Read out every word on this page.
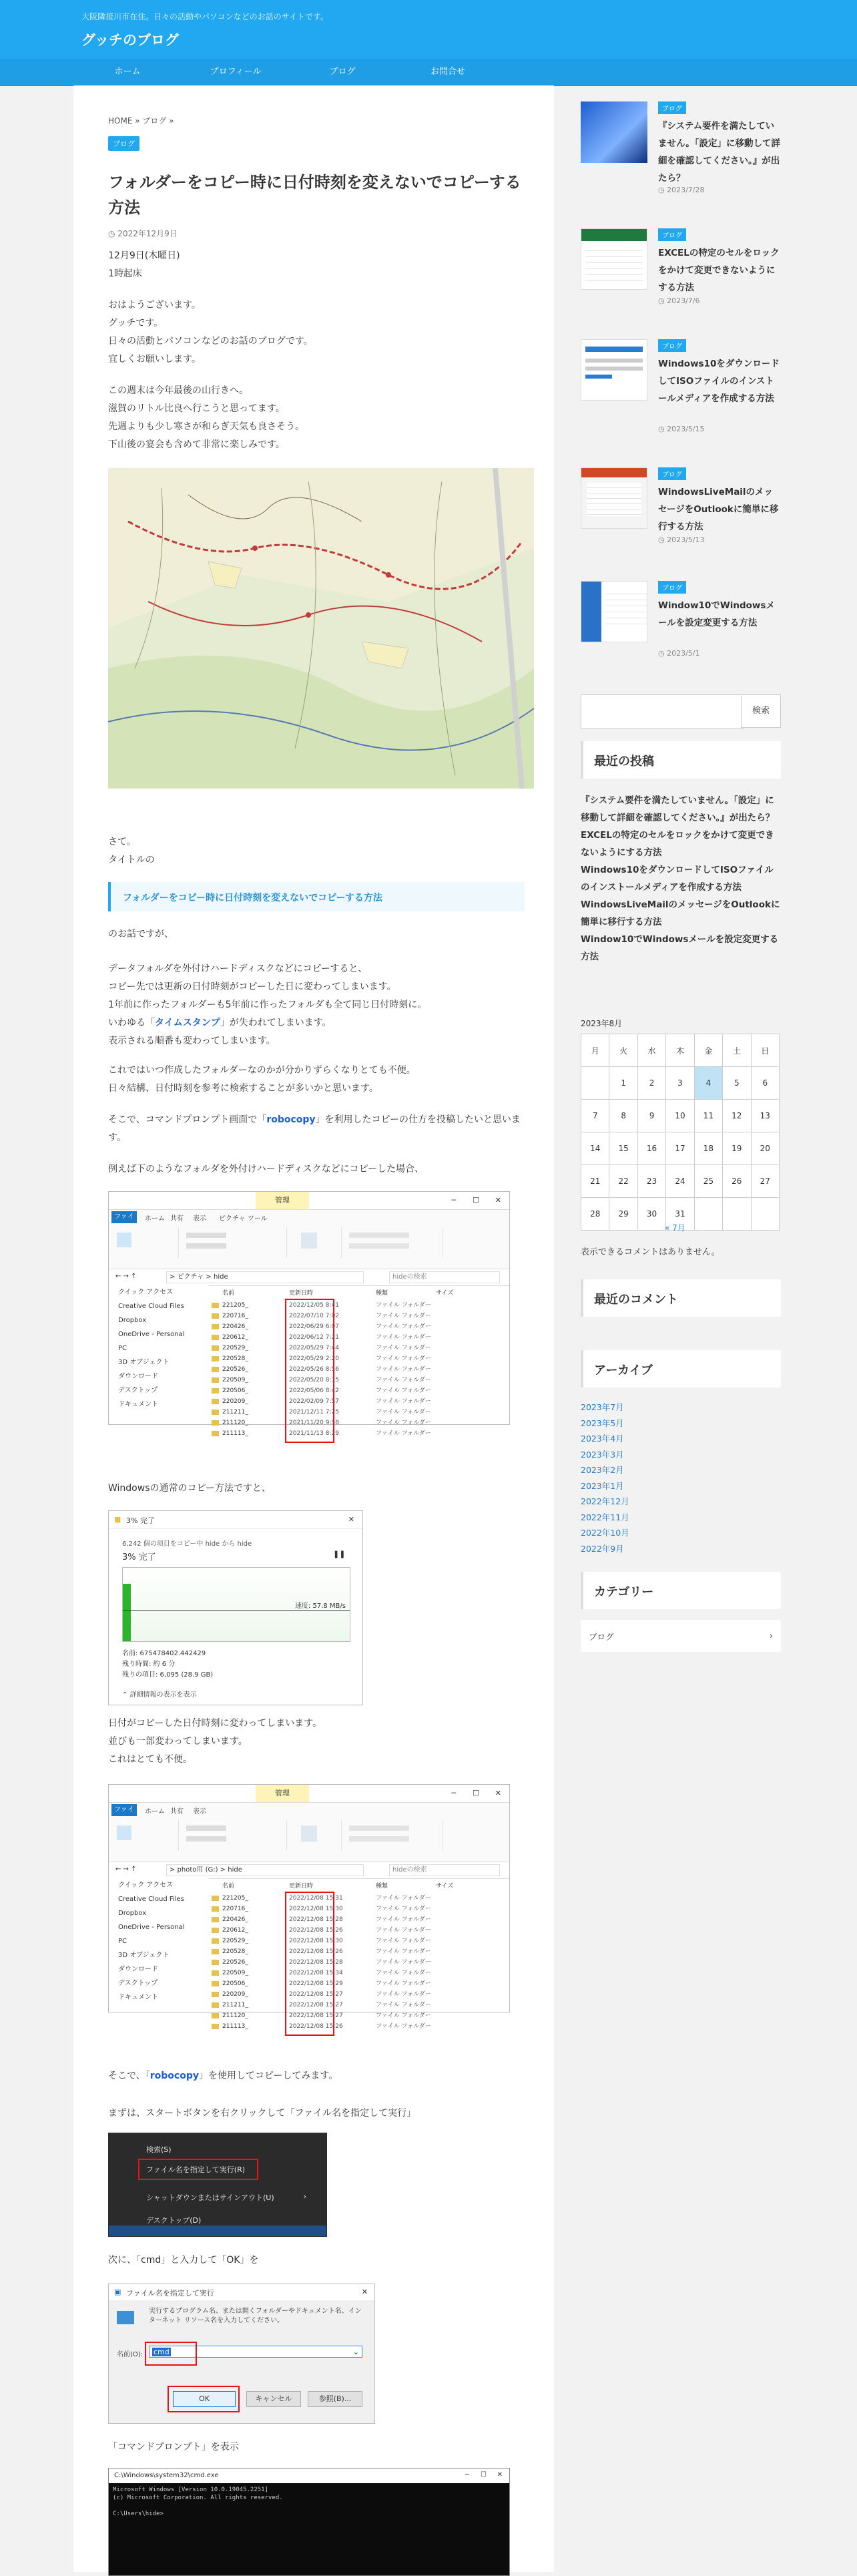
大阪隣接川市在住。日々の活動やパソコンなどのお話のサイトです。
グッチのブログ
ホーム	プロフィール	ブログ	お問合せ
HOME » ブログ »
ブログ
フォルダーをコピー時に日付時刻を変えないでコピーする方法
◷ 2022年12月9日
12月9日(木曜日)
1時起床
おはようございます。
グッチです。
日々の活動とパソコンなどのお話のブログです。
宜しくお願いします。
この週末は今年最後の山行きへ。
滋賀のリトル比良へ行こうと思ってます。
先週よりも少し寒さが和らぎ天気も良さそう。
下山後の宴会も含めて非常に楽しみです。
さて。
タイトルの
フォルダーをコピー時に日付時刻を変えないでコピーする方法
のお話ですが、
データフォルダを外付けハードディスクなどにコピーすると、
コピー先では更新の日付時刻がコピーした日に変わってしまいます。
1年前に作ったフォルダーも5年前に作ったフォルダも全て同じ日付時刻に。
いわゆる「タイムスタンプ」が失われてしまいます。
表示される順番も変わってしまいます。
これではいつ作成したフォルダーなのかが分かりずらくなりとても不便。
日々結構、日付時刻を参考に検索することが多いかと思います。
そこで、コマンドプロンプト画面で「robocopy」を利用したコピーの仕方を投稿したいと思います。
例えば下のようなフォルダを外付けハードディスクなどにコピーした場合、
管理	─ ☐ ✕
ファイル
ホーム 共有 表示 ピクチャ ツール
← → ↑	> ピクチャ > hide	hideの検索
クイック アクセス
Creative Cloud Files
Dropbox
OneDrive - Personal
PC
3D オブジェクト
ダウンロード
デスクトップ
ドキュメント
名前	更新日時	種類	サイズ
221205_	2022/12/05 8:41	ファイル フォルダー
220716_	2022/07/10 7:02	ファイル フォルダー
220426_	2022/06/29 6:07	ファイル フォルダー
220612_	2022/06/12 7:21	ファイル フォルダー
220529_	2022/05/29 7:44	ファイル フォルダー
220528_	2022/05/29 2:20	ファイル フォルダー
220526_	2022/05/26 8:56	ファイル フォルダー
220509_	2022/05/20 8:15	ファイル フォルダー
220506_	2022/05/06 8:42	ファイル フォルダー
220209_	2022/02/09 7:57	ファイル フォルダー
211211_	2021/12/11 7:25	ファイル フォルダー
211120_	2021/11/20 9:58	ファイル フォルダー
211113_	2021/11/13 8:29	ファイル フォルダー
Windowsの通常のコピー方法ですと、
3% 完了
■	✕
6,242 個の項目をコピー中 hide から hide
3% 完了	❚❚
速度: 57.8 MB/s
名前: 675478402.442429
残り時間: 約 6 分
残りの項目: 6,095 (28.9 GB)
⌃ 詳細情報の表示を表示
日付がコピーした日付時刻に変わってしまいます。
並びも一部変わってしまいます。
これはとても不便。
管理	─ ☐ ✕
ファイル
ホーム 共有 表示
← → ↑	> photo用 (G:) > hide	hideの検索
クイック アクセス
Creative Cloud Files
Dropbox
OneDrive - Personal
PC
3D オブジェクト
ダウンロード
デスクトップ
ドキュメント
名前	更新日時	種類	サイズ
221205_	2022/12/08 15:31	ファイル フォルダー
220716_	2022/12/08 15:30	ファイル フォルダー
220426_	2022/12/08 15:28	ファイル フォルダー
220612_	2022/12/08 15:26	ファイル フォルダー
220529_	2022/12/08 15:30	ファイル フォルダー
220528_	2022/12/08 15:26	ファイル フォルダー
220526_	2022/12/08 15:28	ファイル フォルダー
220509_	2022/12/08 15:34	ファイル フォルダー
220506_	2022/12/08 15:29	ファイル フォルダー
220209_	2022/12/08 15:27	ファイル フォルダー
211211_	2022/12/08 15:27	ファイル フォルダー
211120_	2022/12/08 15:27	ファイル フォルダー
211113_	2022/12/08 15:26	ファイル フォルダー
そこで、「robocopy」を使用してコピーしてみます。
まずは、スタートボタンを右クリックして「ファイル名を指定して実行」
検索(S)
ファイル名を指定して実行(R)
シャットダウンまたはサインアウト(U)	›
デスクトップ(D)
次に、「cmd」と入力して「OK」を
▣ ファイル名を指定して実行	✕
実行するプログラム名、または開くフォルダーやドキュメント名、インターネット リソース名を入力してください。
名前(O):	cmd	⌄
OK	キャンセル	参照(B)...
「コマンドプロンプト」を表示
C:\Windows\system32\cmd.exe	─ ☐ ✕
Microsoft Windows [Version 10.0.19045.2251]
(c) Microsoft Corporation. All rights reserved.
C:\Users\hide>
ブログ
『システム要件を満たしていません。「設定」に移動して詳細を確認してください。』が出たら？
◷ 2023/7/28
ブログ
EXCELの特定のセルをロックをかけて変更できないようにする方法
◷ 2023/7/6
ブログ
Windows10をダウンロードしてISOファイルのインストールメディアを作成する方法
◷ 2023/5/15
ブログ
WindowsLiveMailのメッセージをOutlookに簡単に移行する方法
◷ 2023/5/13
ブログ
Window10でWindowsメールを設定変更する方法
◷ 2023/5/1
検索
最近の投稿
『システム要件を満たしていません。「設定」に移動して詳細を確認してください。』が出たら？
EXCELの特定のセルをロックをかけて変更できないようにする方法
Windows10をダウンロードしてISOファイルのインストールメディアを作成する方法
WindowsLiveMailのメッセージをOutlookに簡単に移行する方法
Window10でWindowsメールを設定変更する方法
2023年8月
月	火	水	木	金	土	日
	1	2	3	4	5	6
7	8	9	10	11	12	13
14	15	16	17	18	19	20
21	22	23	24	25	26	27
28	29	30	31			
« 7月
表示できるコメントはありません。
最近のコメント
アーカイブ
2023年7月
2023年5月
2023年4月
2023年3月
2023年2月
2023年1月
2022年12月
2022年11月
2022年10月
2022年9月
カテゴリー
ブログ	›
